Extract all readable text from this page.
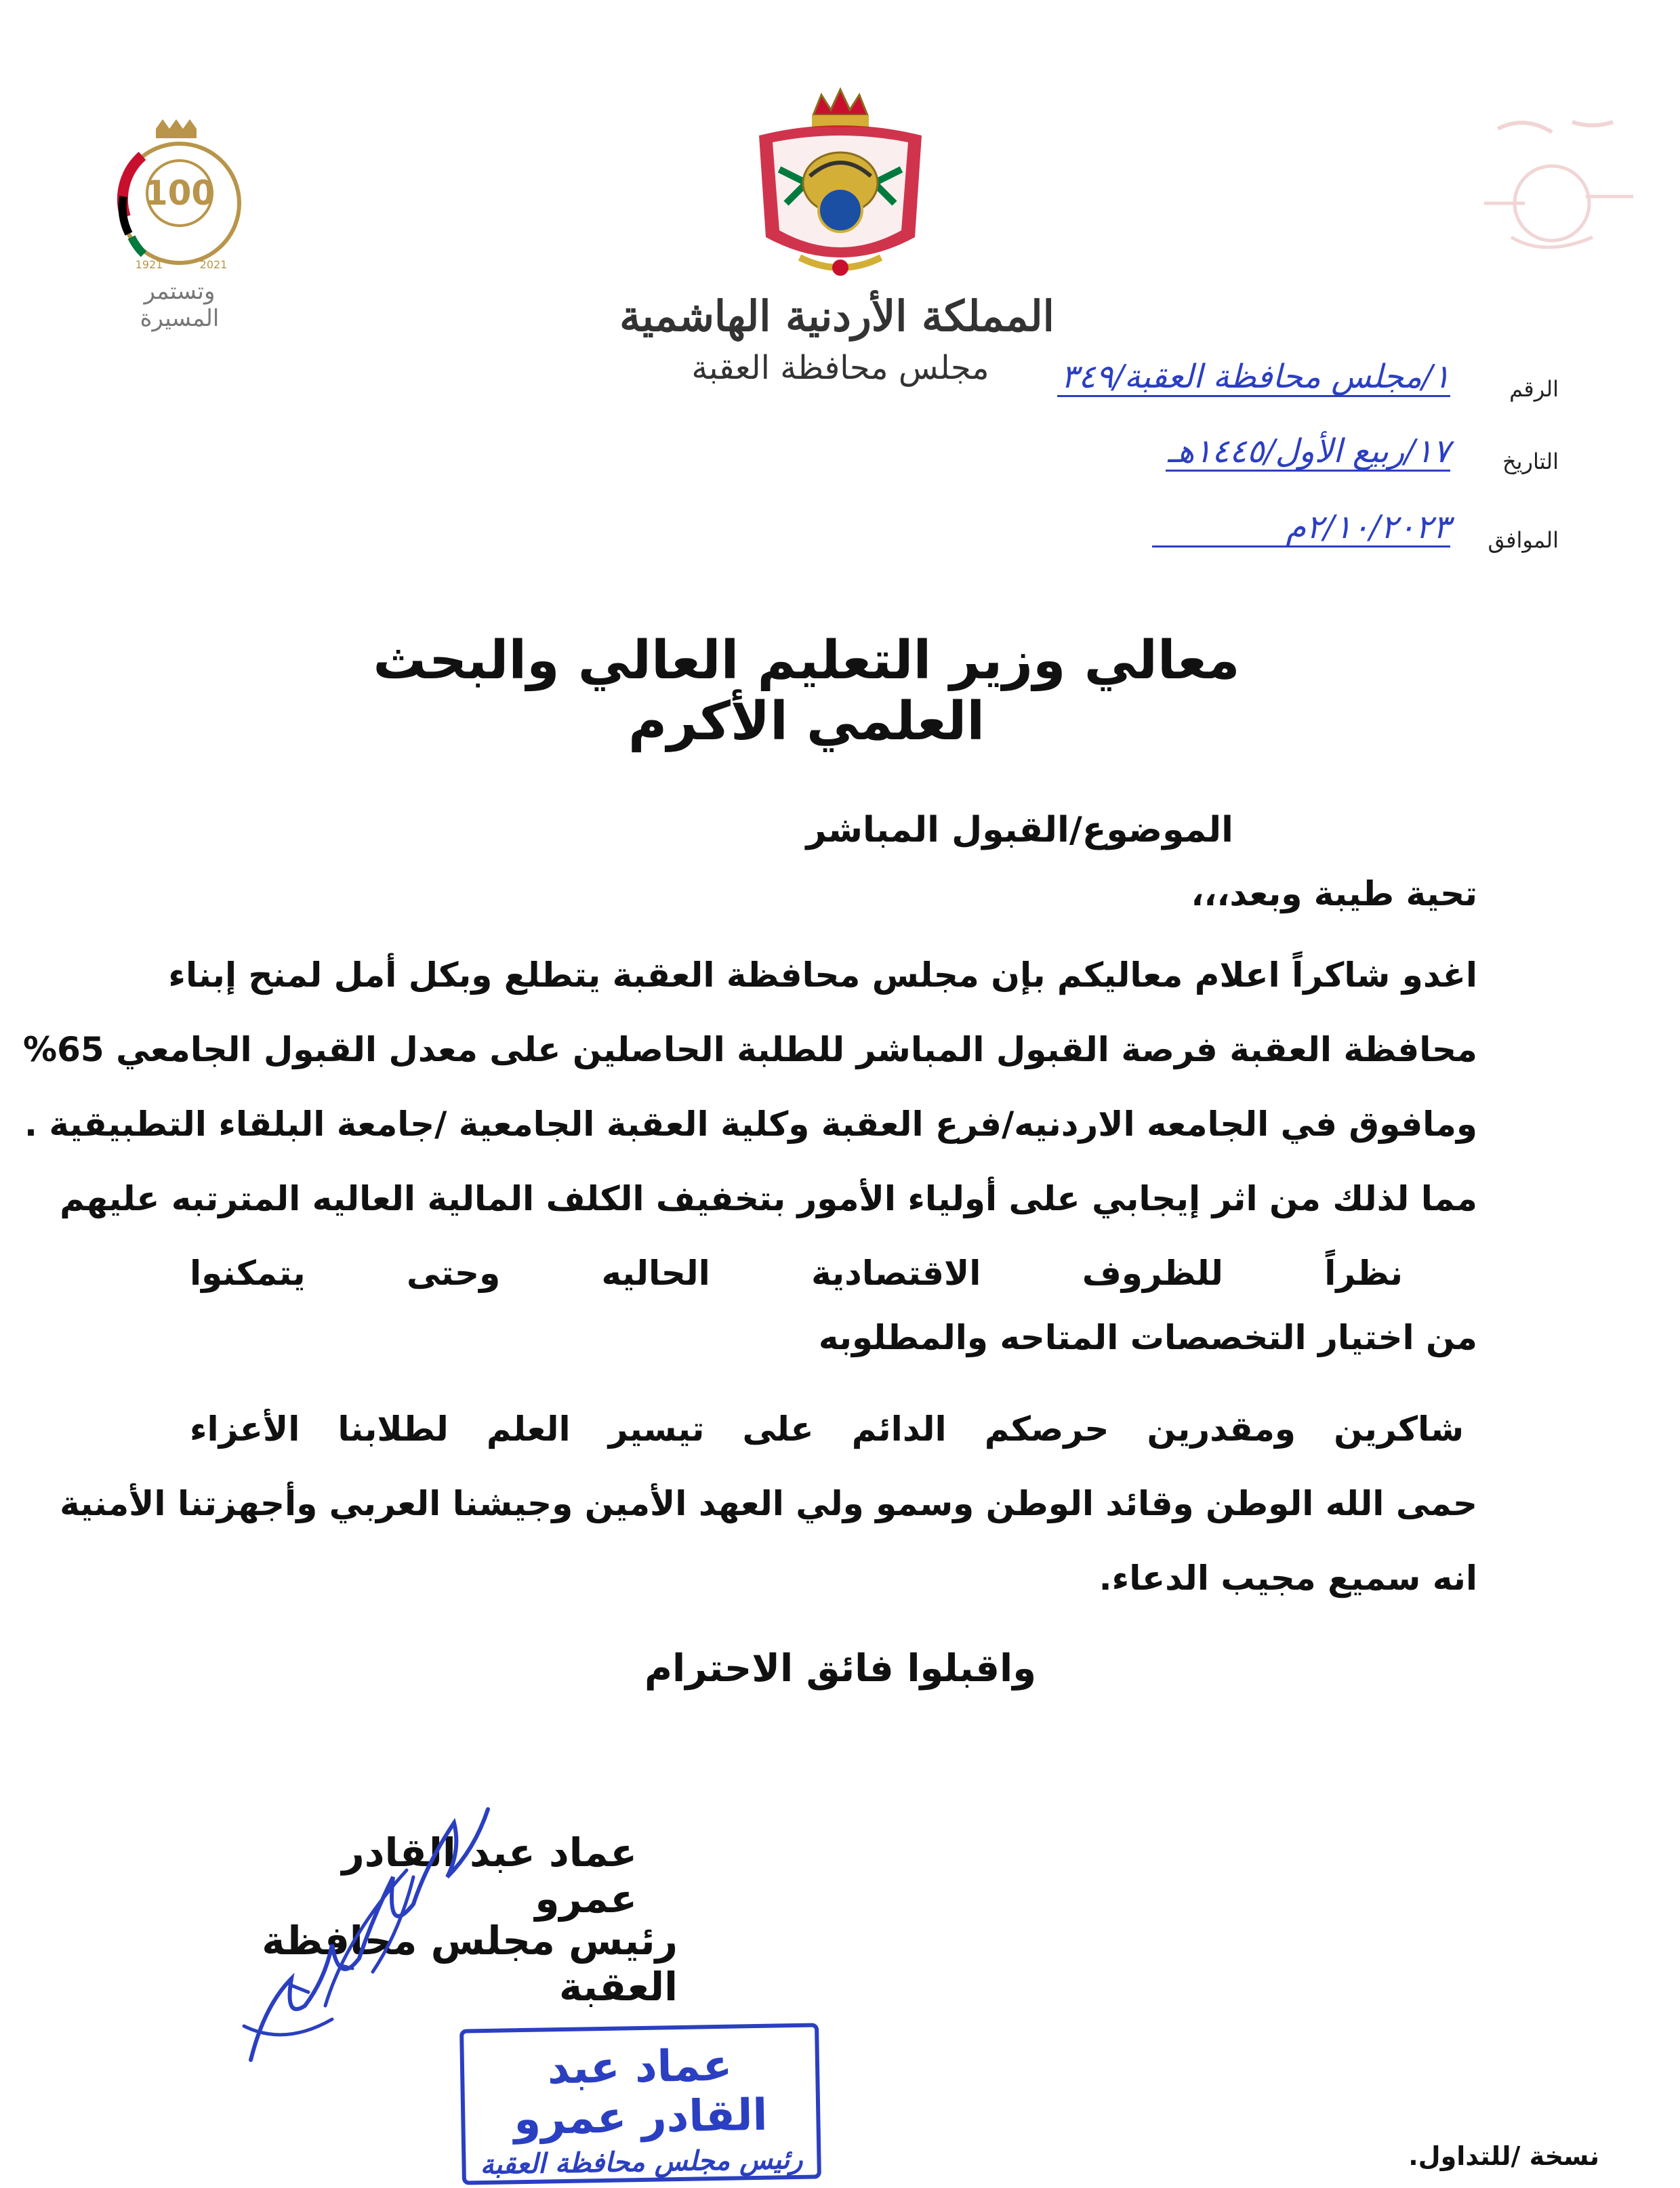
100
1921	2021
وتستمر المسيرة	المملكة الأردنية الهاشمية
مجلس محافظة العقبة
الرقم
١/مجلس محافظة العقبة/٣٤٩
التاريخ
١٧/ربيع الأول/١٤٤٥هـ
الموافق
٢/١٠/٢٠٢٣م
معالي وزير التعليم العالي والبحث العلمي الأكرم
الموضوع/القبول المباشر
تحية طيبة وبعد،،،
اغدو شاكراً اعلام معاليكم بإن مجلس محافظة العقبة يتطلع وبكل أمل لمنح إبناء
محافظة العقبة فرصة القبول المباشر للطلبة الحاصلين على معدل القبول الجامعي 65%
ومافوق في الجامعه الاردنيه/فرع العقبة وكلية العقبة الجامعية /جامعة البلقاء التطبيقية .
مما لذلك من اثر إيجابي على أولياء الأمور بتخفيف الكلف المالية العاليه المترتبه عليهم
نظراً للظروف الاقتصادية الحاليه وحتى يتمكنوا
من اختيار التخصصات المتاحه والمطلوبه
شاكرين ومقدرين حرصكم الدائم على تيسير العلم لطلابنا الأعزاء
حمى الله الوطن وقائد الوطن وسمو ولي العهد الأمين وجيشنا العربي وأجهزتنا الأمنية
انه سميع مجيب الدعاء.
واقبلوا فائق الاحترام
عماد عبد القادر عمرو
رئيس مجلس محافظة العقبة
عماد عبد القادر عمرو
رئيس مجلس محافظة العقبة	نسخة /للتداول.
